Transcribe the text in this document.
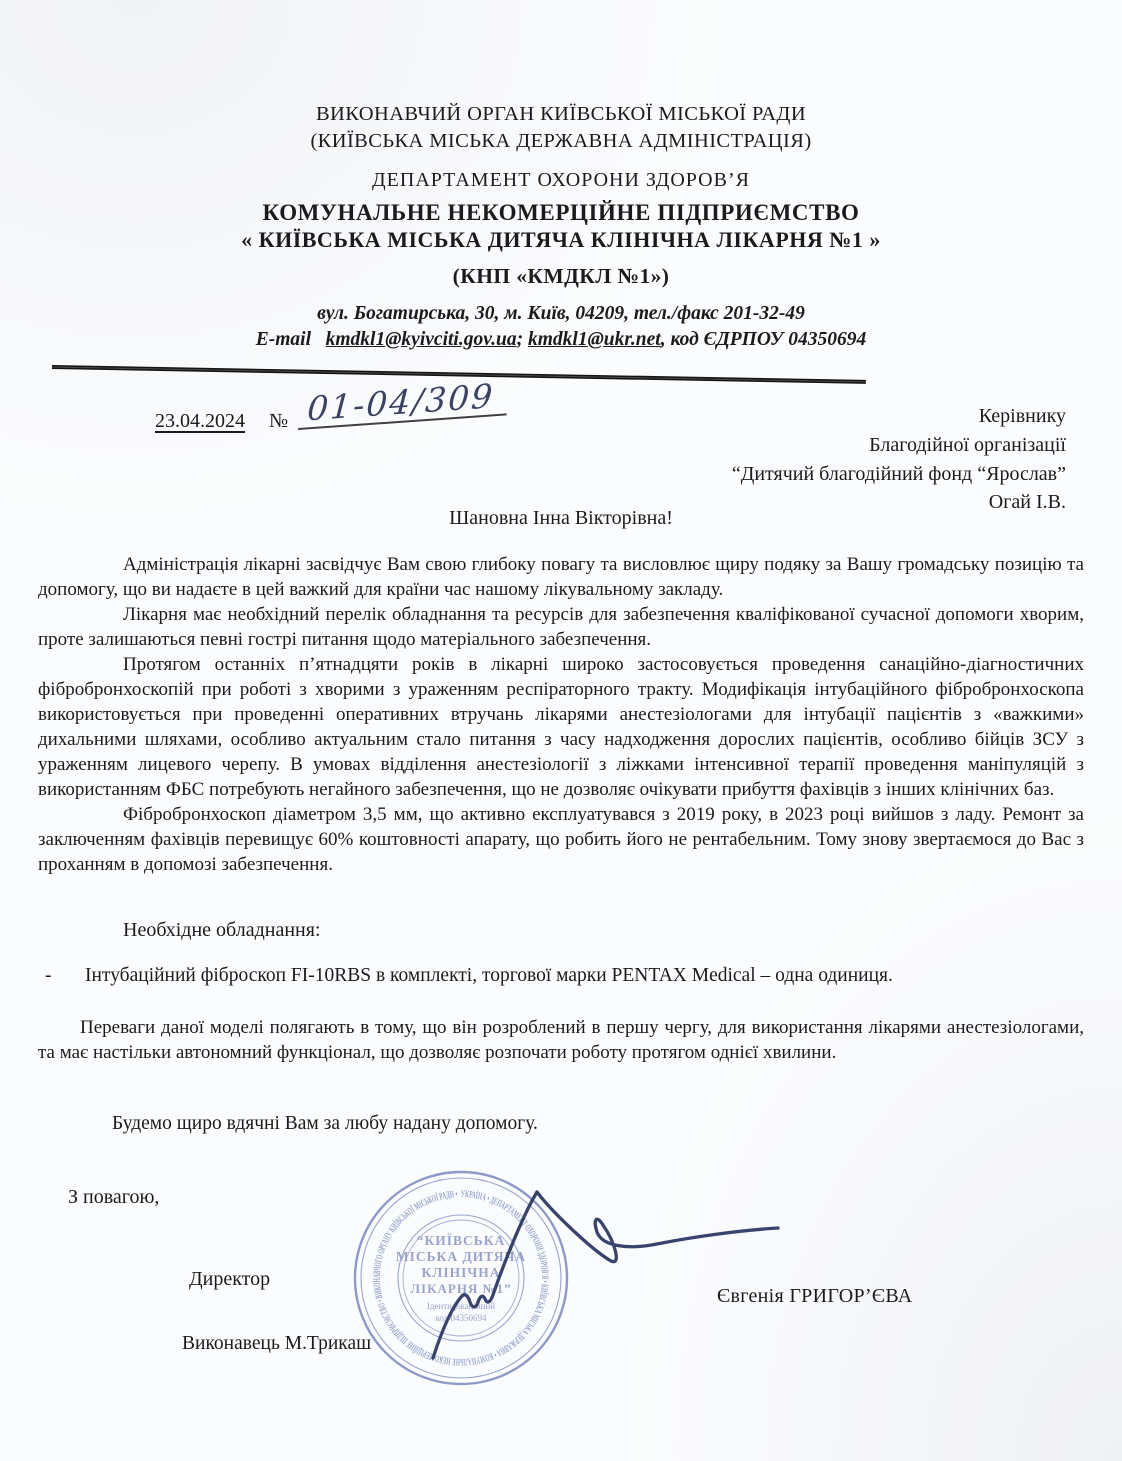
ВИКОНАВЧИЙ ОРГАН КИЇВСЬКОЇ МІСЬКОЇ РАДИ
(КИЇВСЬКА МІСЬКА ДЕРЖАВНА АДМІНІСТРАЦІЯ)
ДЕПАРТАМЕНТ ОХОРОНИ ЗДОРОВ’Я
КОМУНАЛЬНЕ НЕКОМЕРЦІЙНЕ ПІДПРИЄМСТВО
« КИЇВСЬКА МІСЬКА ДИТЯЧА КЛІНІЧНА ЛІКАРНЯ №1 »
(КНП «КМДКЛ №1»)
вул. Богатирська, 30, м. Київ, 04209, тел./факс 201-32-49
E-mail kmdkl1@kyivciti.gov.ua; kmdkl1@ukr.net, код ЄДРПОУ 04350694
23.04.2024 № 01-04/309	Керівнику
Благодійної організації
“Дитячий благодійний фонд “Ярослав”
Огай І.В.
Шановна Інна Вікторівна!

Адміністрація лікарні засвідчує Вам свою глибоку повагу та висловлює щиру подяку за Вашу громадську позицію та допомогу, що ви надаєте в цей важкий для країни час нашому лікувальному закладу.

Лікарня має необхідний перелік обладнання та ресурсів для забезпечення кваліфікованої сучасної допомоги хворим, проте залишаються певні гострі питання щодо матеріального забезпечення.

Протягом останніх п’ятнадцяти років в лікарні широко застосовується проведення санаційно-діагностичних фібробронхоскопій при роботі з хворими з ураженням респіраторного тракту. Модифікація інтубаційного фібробронхоскопа використовується при проведенні оперативних втручань лікарями анестезіологами для інтубації пацієнтів з «важкими» дихальними шляхами, особливо актуальним стало питання з часу надходження дорослих пацієнтів, особливо бійців ЗСУ з ураженням лицевого черепу. В умовах відділення анестезіології з ліжками інтенсивної терапії проведення маніпуляцій з використанням ФБС потребують негайного забезпечення, що не дозволяє очікувати прибуття фахівців з інших клінічних баз.

Фібробронхоскоп діаметром 3,5 мм, що активно експлуатувався з 2019 року, в 2023 році вийшов з ладу. Ремонт за заключенням фахівців перевищує 60% коштовності апарату, що робить його не рентабельним. Тому знову звертаємося до Вас з проханням в допомозі забезпечення.

Необхідне обладнання:
-	Інтубаційний фіброскоп FI-10RBS в комплекті, торгової марки PENTAX Medical – одна одиниця.

Переваги даної моделі полягають в тому, що він розроблений в першу чергу, для використання лікарями анестезіологами, та має настільки автономний функціонал, що дозволяє розпочати роботу протягом однієї хвилини.

Будемо щиро вдячні Вам за любу надану допомогу.

З повагою,
Директор
Євгенія ГРИГОР’ЄВА
Виконавець М.Трикаш
УКРАЇНА • ДЕПАРТАМЕНТ ОХОРОНИ ЗДОРОВ’Я • КИЇВСЬКА МІСЬКА ДЕРЖАВНА • КОМУНАЛЬНЕ НЕКОМЕРЦІЙНЕ ПІДПРИЄМСТВО • ВИКОНАВЧОГО ОРГАНУ КИЇВСЬКОЇ МІСЬКОЇ РАДИ •
“КИЇВСЬКА
МІСЬКА ДИТЯЧА
КЛІНІЧНА
ЛІКАРНЯ №1”
Ідентифікаційний
код 04350694
